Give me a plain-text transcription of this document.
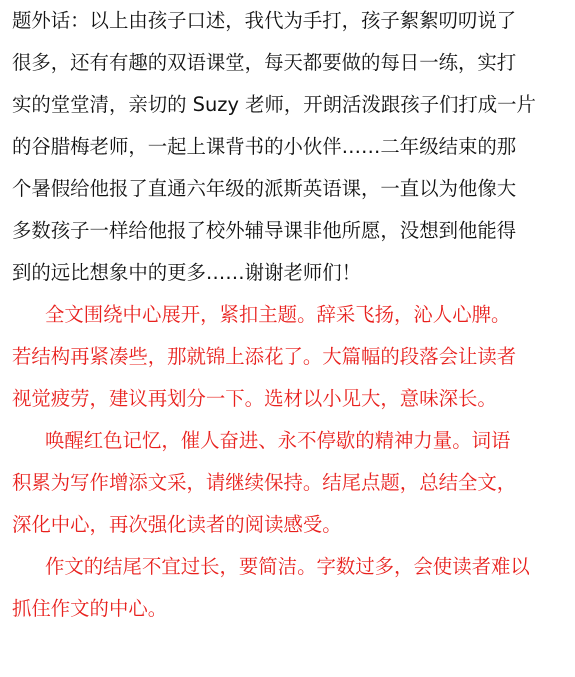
题外话：以上由孩子口述，我代为手打，孩子絮絮叨叨说了
很多，还有有趣的双语课堂，每天都要做的每日一练，实打
实的堂堂清，亲切的 Suzy 老师，开朗活泼跟孩子们打成一片
的谷腊梅老师，一起上课背书的小伙伴……二年级结束的那
个暑假给他报了直通六年级的派斯英语课，一直以为他像大
多数孩子一样给他报了校外辅导课非他所愿，没想到他能得
到的远比想象中的更多……谢谢老师们！
全文围绕中心展开，紧扣主题。辞采飞扬，沁人心脾。
若结构再紧凑些，那就锦上添花了。大篇幅的段落会让读者
视觉疲劳，建议再划分一下。选材以小见大，意味深长。
唤醒红色记忆，催人奋进、永不停歇的精神力量。词语
积累为写作增添文采，请继续保持。结尾点题，总结全文，
深化中心，再次强化读者的阅读感受。
作文的结尾不宜过长，要简洁。字数过多，会使读者难以
抓住作文的中心。
